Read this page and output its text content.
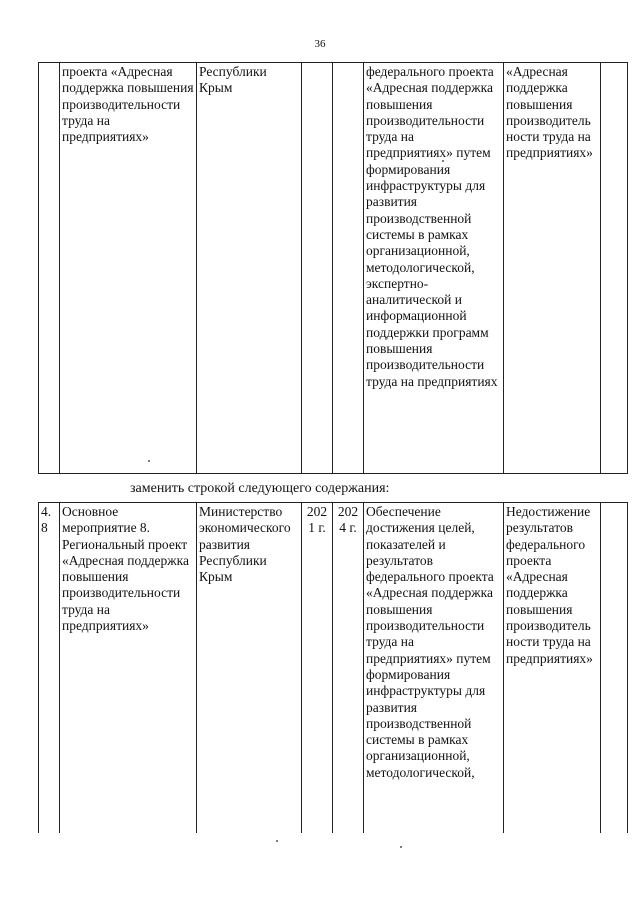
36
	проекта «Адресная поддержка повышения производительности труда на предприятиях»	Республики Крым			федерального проекта «Адресная поддержка повышения производительности труда на предприятиях» путем формирования инфраструктуры для развития производственной системы в рамках организационной, методологической, экспертно-аналитической и информационной поддержки программ повышения производительности труда на предприятиях	«Адресная поддержка повышения производитель ности труда на предприятиях»	
заменить строкой следующего содержания:
4.8	Основное мероприятие 8. Региональный проект «Адресная поддержка повышения производительности труда на предприятиях»	Министерство экономического развития Республики Крым	2021 г.	2024 г.	Обеспечение достижения целей, показателей и результатов федерального проекта «Адресная поддержка повышения производительности труда на предприятиях» путем формирования инфраструктуры для развития производственной системы в рамках организационной, методологической,	Недостижение результатов федерального проекта «Адресная поддержка повышения производитель ности труда на предприятиях»	
